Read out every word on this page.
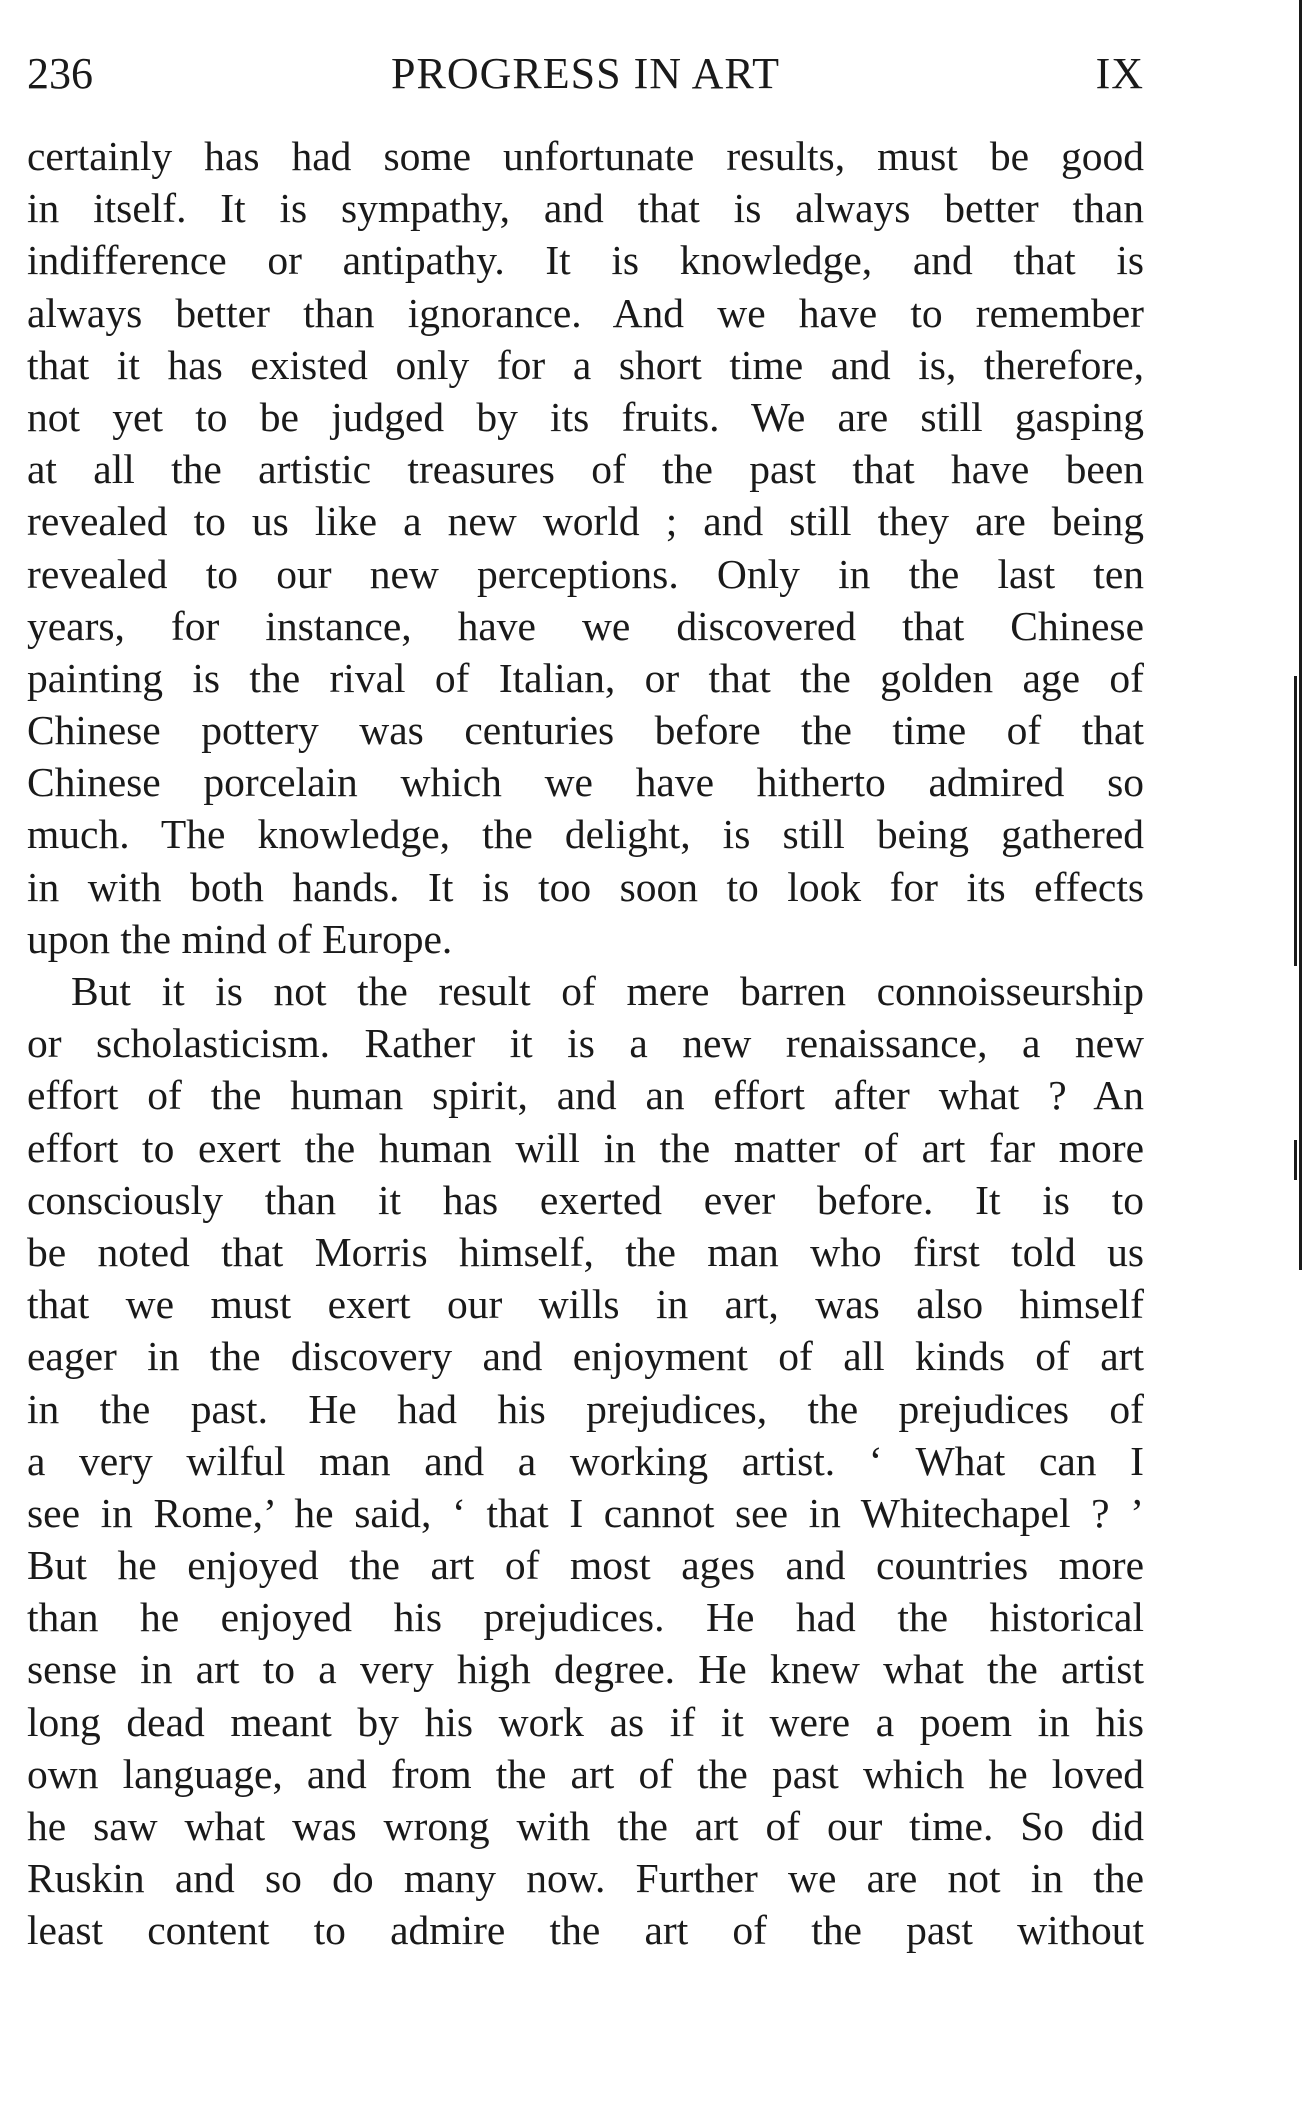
236	PROGRESS IN ART	IX
certainly has had some unfortunate results, must be good
in itself. It is sympathy, and that is always better than
indifference or antipathy. It is knowledge, and that is
always better than ignorance. And we have to remember
that it has existed only for a short time and is, therefore,
not yet to be judged by its fruits. We are still gasping
at all the artistic treasures of the past that have been
revealed to us like a new world ; and still they are being
revealed to our new perceptions. Only in the last ten
years, for instance, have we discovered that Chinese
painting is the rival of Italian, or that the golden age of
Chinese pottery was centuries before the time of that
Chinese porcelain which we have hitherto admired so
much. The knowledge, the delight, is still being gathered
in with both hands. It is too soon to look for its effects
upon the mind of Europe.
But it is not the result of mere barren connoisseurship
or scholasticism. Rather it is a new renaissance, a new
effort of the human spirit, and an effort after what ? An
effort to exert the human will in the matter of art far more
consciously than it has exerted ever before. It is to
be noted that Morris himself, the man who first told us
that we must exert our wills in art, was also himself
eager in the discovery and enjoyment of all kinds of art
in the past. He had his prejudices, the prejudices of
a very wilful man and a working artist. ‘ What can I
see in Rome,’ he said, ‘ that I cannot see in Whitechapel ? ’
But he enjoyed the art of most ages and countries more
than he enjoyed his prejudices. He had the historical
sense in art to a very high degree. He knew what the artist
long dead meant by his work as if it were a poem in his
own language, and from the art of the past which he loved
he saw what was wrong with the art of our time. So did
Ruskin and so do many now. Further we are not in the
least content to admire the art of the past without
